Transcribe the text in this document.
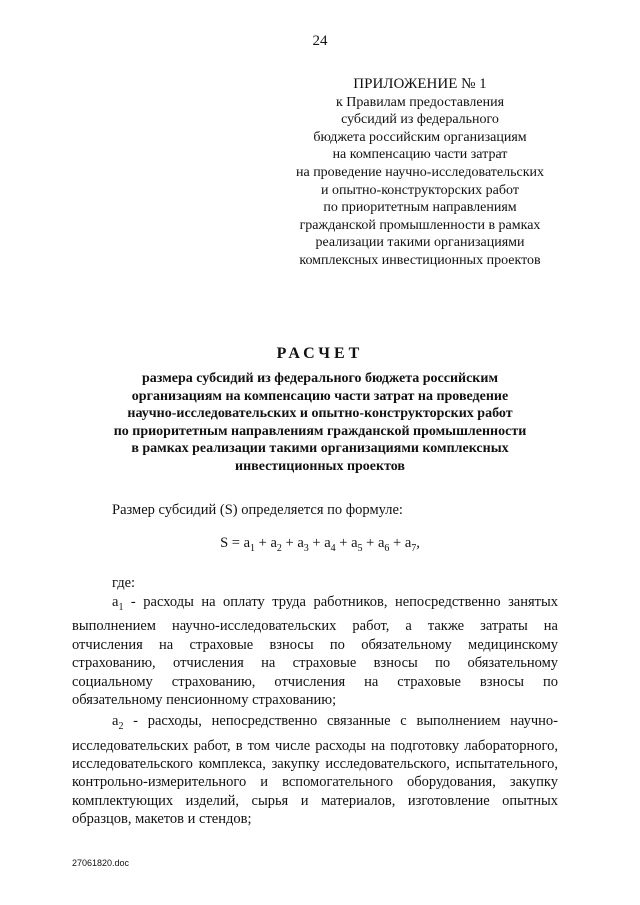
24
ПРИЛОЖЕНИЕ № 1
к Правилам предоставления
субсидий из федерального
бюджета российским организациям
на компенсацию части затрат
на проведение научно-исследовательских
и опытно-конструкторских работ
по приоритетным направлениям
гражданской промышленности в рамках
реализации такими организациями
комплексных инвестиционных проектов
РАСЧЕТ
размера субсидий из федерального бюджета российским
организациям на компенсацию части затрат на проведение
научно-исследовательских и опытно-конструкторских работ
по приоритетным направлениям гражданской промышленности
в рамках реализации такими организациями комплексных
инвестиционных проектов
Размер субсидий (S) определяется по формуле:
$S = a_1 + a_2 + a_3 + a_4 + a_5 + a_6 + a_7$,
где:

$a_1$ - расходы на оплату труда работников, непосредственно занятых выполнением научно-исследовательских работ, а также затраты на отчисления на страховые взносы по обязательному медицинскому страхованию, отчисления на страховые взносы по обязательному социальному страхованию, отчисления на страховые взносы по обязательному пенсионному страхованию;

$a_2$ - расходы, непосредственно связанные с выполнением научно-исследовательских работ, в том числе расходы на подготовку лабораторного, исследовательского комплекса, закупку исследовательского, испытательного, контрольно-измерительного и вспомогательного оборудования, закупку комплектующих изделий, сырья и материалов, изготовление опытных образцов, макетов и стендов;

27061820.doc
